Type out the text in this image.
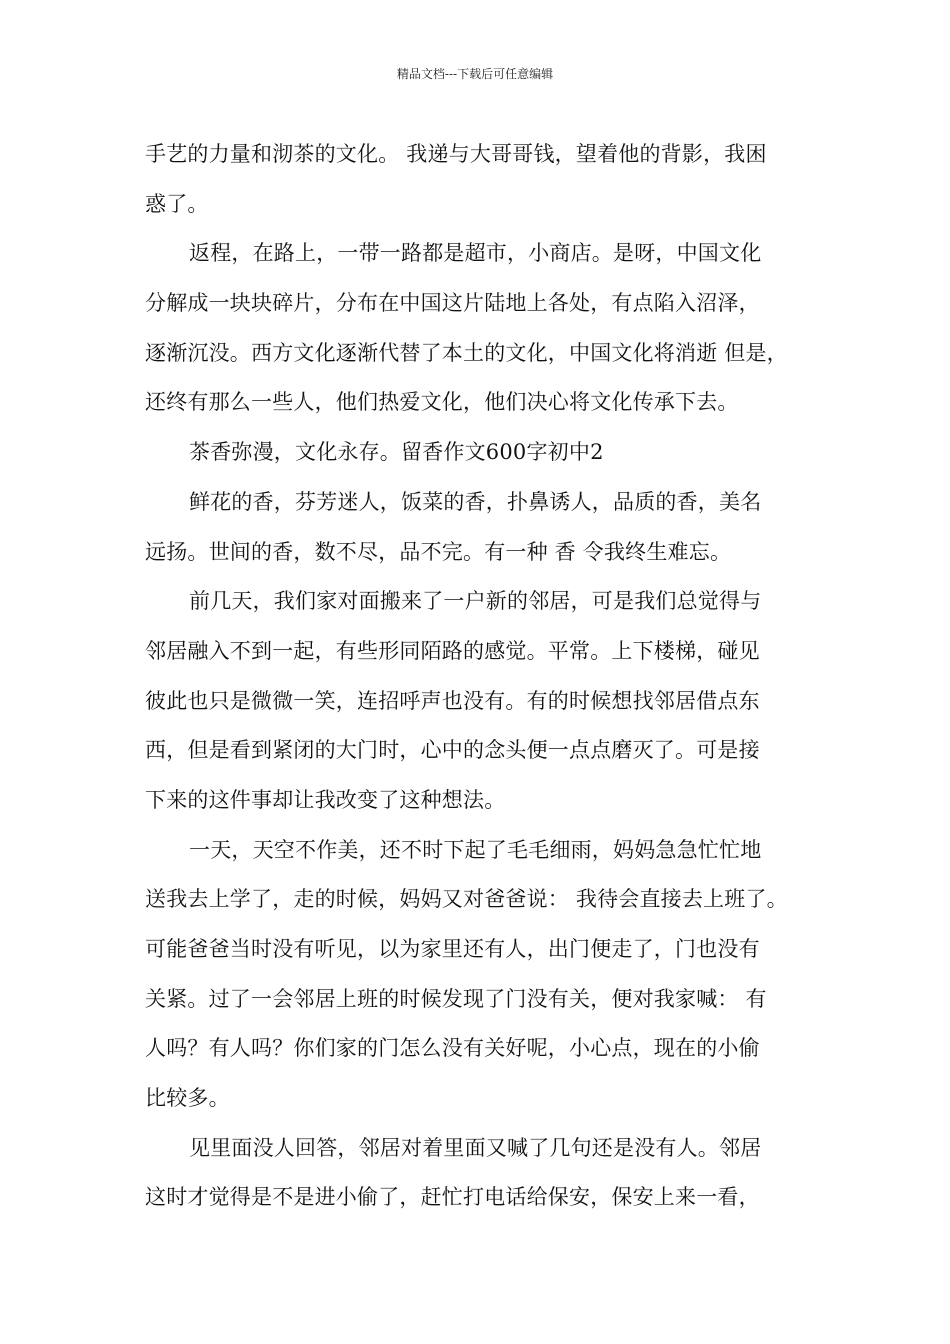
精品文档---下载后可任意编辑
手艺的力量和沏茶的文化。 我递与大哥哥钱，望着他的背影，我困
惑了。
返程，在路上，一带一路都是超市，小商店。是呀，中国文化
分解成一块块碎片，分布在中国这片陆地上各处，有点陷入沼泽，
逐渐沉没。西方文化逐渐代替了本土的文化，中国文化将消逝 但是，
还终有那么一些人，他们热爱文化，他们决心将文化传承下去。
茶香弥漫，文化永存。留香作文600字初中2
鲜花的香，芬芳迷人，饭菜的香，扑鼻诱人，品质的香，美名
远扬。世间的香，数不尽，品不完。有一种 香 令我终生难忘。
前几天，我们家对面搬来了一户新的邻居，可是我们总觉得与
邻居融入不到一起，有些形同陌路的感觉。平常。上下楼梯，碰见
彼此也只是微微一笑，连招呼声也没有。有的时候想找邻居借点东
西，但是看到紧闭的大门时，心中的念头便一点点磨灭了。可是接
下来的这件事却让我改变了这种想法。
一天，天空不作美，还不时下起了毛毛细雨，妈妈急急忙忙地
送我去上学了，走的时候，妈妈又对爸爸说： 我待会直接去上班了。
可能爸爸当时没有听见，以为家里还有人，出门便走了，门也没有
关紧。过了一会邻居上班的时候发现了门没有关，便对我家喊： 有
人吗？有人吗？你们家的门怎么没有关好呢，小心点，现在的小偷
比较多。
见里面没人回答，邻居对着里面又喊了几句还是没有人。邻居
这时才觉得是不是进小偷了，赶忙打电话给保安，保安上来一看，
